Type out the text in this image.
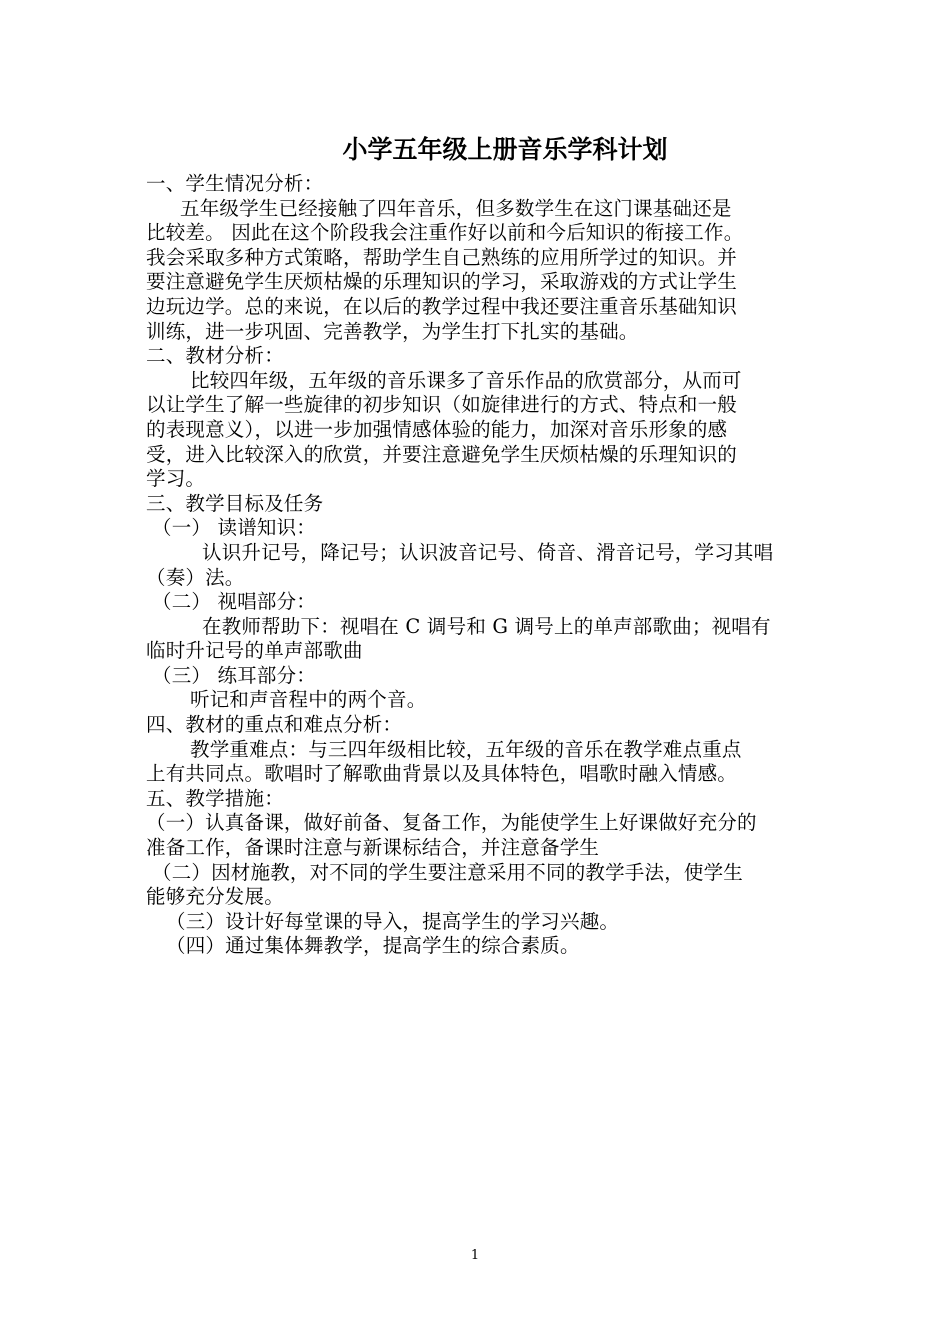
小学五年级上册音乐学科计划
一、学生情况分析：
五年级学生已经接触了四年音乐，但多数学生在这门课基础还是
比较差。 因此在这个阶段我会注重作好以前和今后知识的衔接工作。
我会采取多种方式策略，帮助学生自己熟练的应用所学过的知识。并
要注意避免学生厌烦枯燥的乐理知识的学习，采取游戏的方式让学生
边玩边学。总的来说，在以后的教学过程中我还要注重音乐基础知识
训练，进一步巩固、完善教学，为学生打下扎实的基础。
二、教材分析：
比较四年级，五年级的音乐课多了音乐作品的欣赏部分，从而可
以让学生了解一些旋律的初步知识（如旋律进行的方式、特点和一般
的表现意义），以进一步加强情感体验的能力，加深对音乐形象的感
受，进入比较深入的欣赏，并要注意避免学生厌烦枯燥的乐理知识的
学习。
三、教学目标及任务
（一） 读谱知识：
认识升记号，降记号；认识波音记号、倚音、滑音记号，学习其唱
（奏）法。
（二） 视唱部分：
在教师帮助下：视唱在 C 调号和 G 调号上的单声部歌曲；视唱有
临时升记号的单声部歌曲
（三） 练耳部分：
听记和声音程中的两个音。
四、教材的重点和难点分析：
教学重难点：与三四年级相比较，五年级的音乐在教学难点重点
上有共同点。歌唱时了解歌曲背景以及具体特色，唱歌时融入情感。
五、教学措施：
（一）认真备课，做好前备、复备工作，为能使学生上好课做好充分的
准备工作，备课时注意与新课标结合，并注意备学生
（二）因材施教，对不同的学生要注意采用不同的教学手法，使学生
能够充分发展。
（三）设计好每堂课的导入，提高学生的学习兴趣。
（四）通过集体舞教学，提高学生的综合素质。
1
